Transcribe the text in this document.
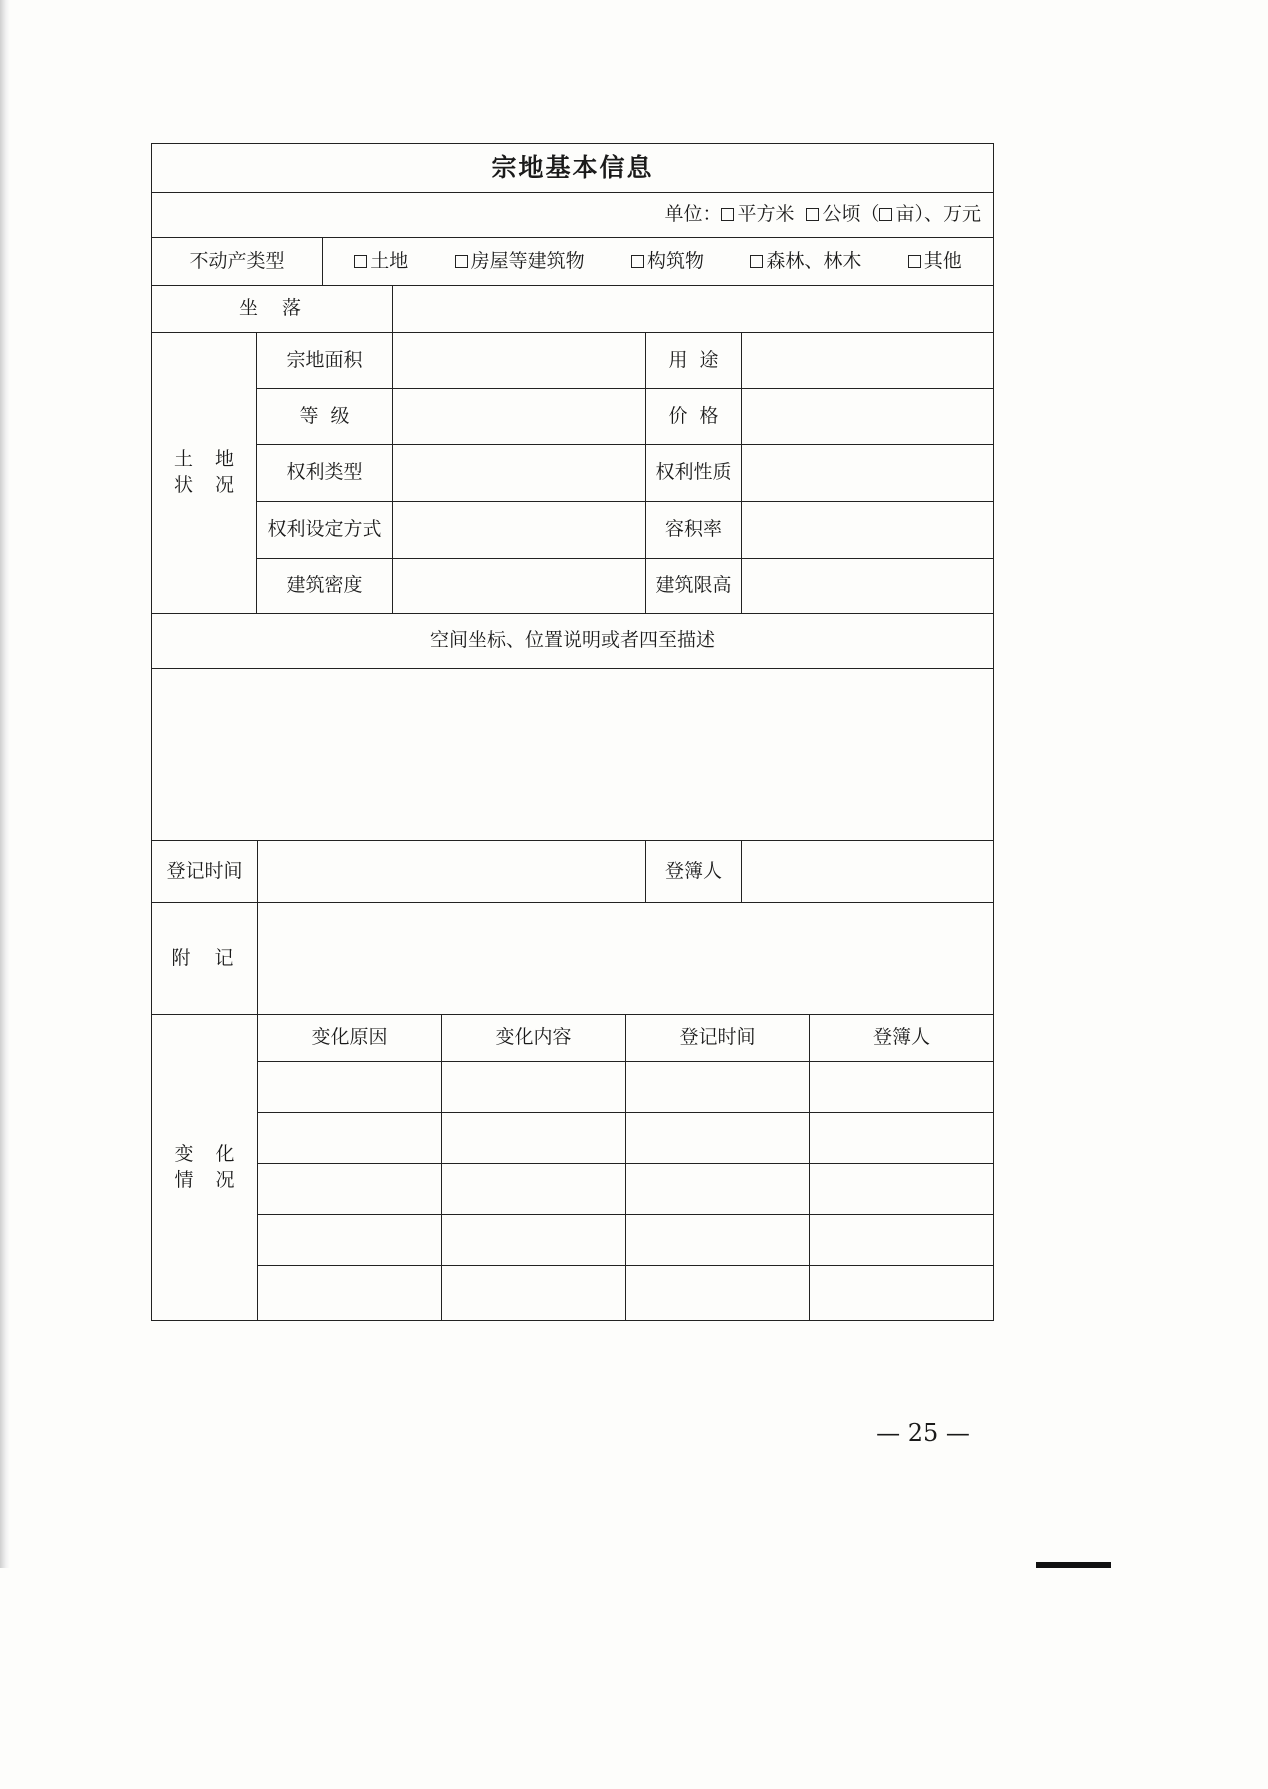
宗地基本信息
单位： 平方米 公顷（ 亩）、万元
不动产类型	土地	房屋等建筑物	构筑物	森林、林木	其他
坐  落
土地
状况
宗地面积	用  途
等  级	价  格
权利类型	权利性质
权利设定方式	容积率
建筑密度	建筑限高
空间坐标、位置说明或者四至描述
登记时间	登簿人
附  记
变化
情况
变化原因	变化内容	登记时间	登簿人
— 25 —
